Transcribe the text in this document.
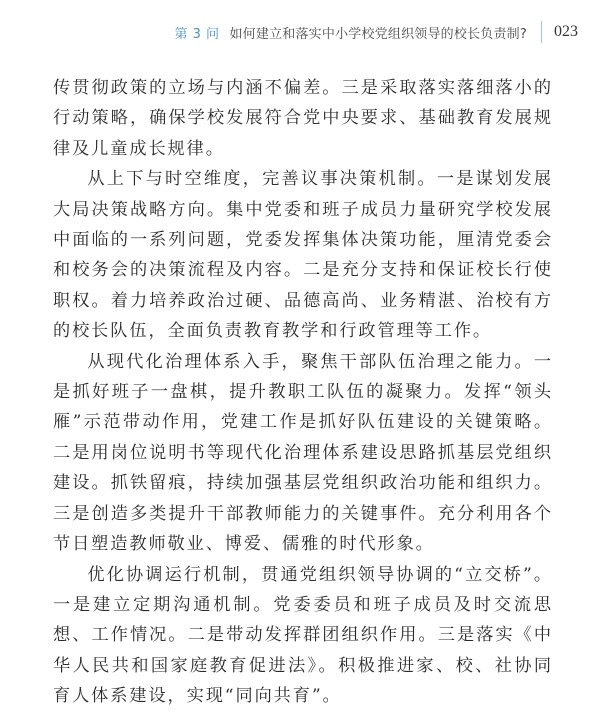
第 3 问 如何建立和落实中小学校党组织领导的校长负责制? 023

传贯彻政策的立场与内涵不偏差。三是采取落实落细落小的行动策略，确保学校发展符合党中央要求、基础教育发展规律及儿童成长规律。

从上下与时空维度，完善议事决策机制。一是谋划发展大局决策战略方向。集中党委和班子成员力量研究学校发展中面临的一系列问题，党委发挥集体决策功能，厘清党委会和校务会的决策流程及内容。二是充分支持和保证校长行使职权。着力培养政治过硬、品德高尚、业务精湛、治校有方的校长队伍，全面负责教育教学和行政管理等工作。

从现代化治理体系入手，聚焦干部队伍治理之能力。一是抓好班子一盘棋，提升教职工队伍的凝聚力。发挥“领头雁”示范带动作用，党建工作是抓好队伍建设的关键策略。二是用岗位说明书等现代化治理体系建设思路抓基层党组织建设。抓铁留痕，持续加强基层党组织政治功能和组织力。三是创造多类提升干部教师能力的关键事件。充分利用各个节日塑造教师敬业、博爱、儒雅的时代形象。

优化协调运行机制，贯通党组织领导协调的“立交桥”。一是建立定期沟通机制。党委委员和班子成员及时交流思想、工作情况。二是带动发挥群团组织作用。三是落实《中华人民共和国家庭教育促进法》。积极推进家、校、社协同育人体系建设，实现“同向共育”。
